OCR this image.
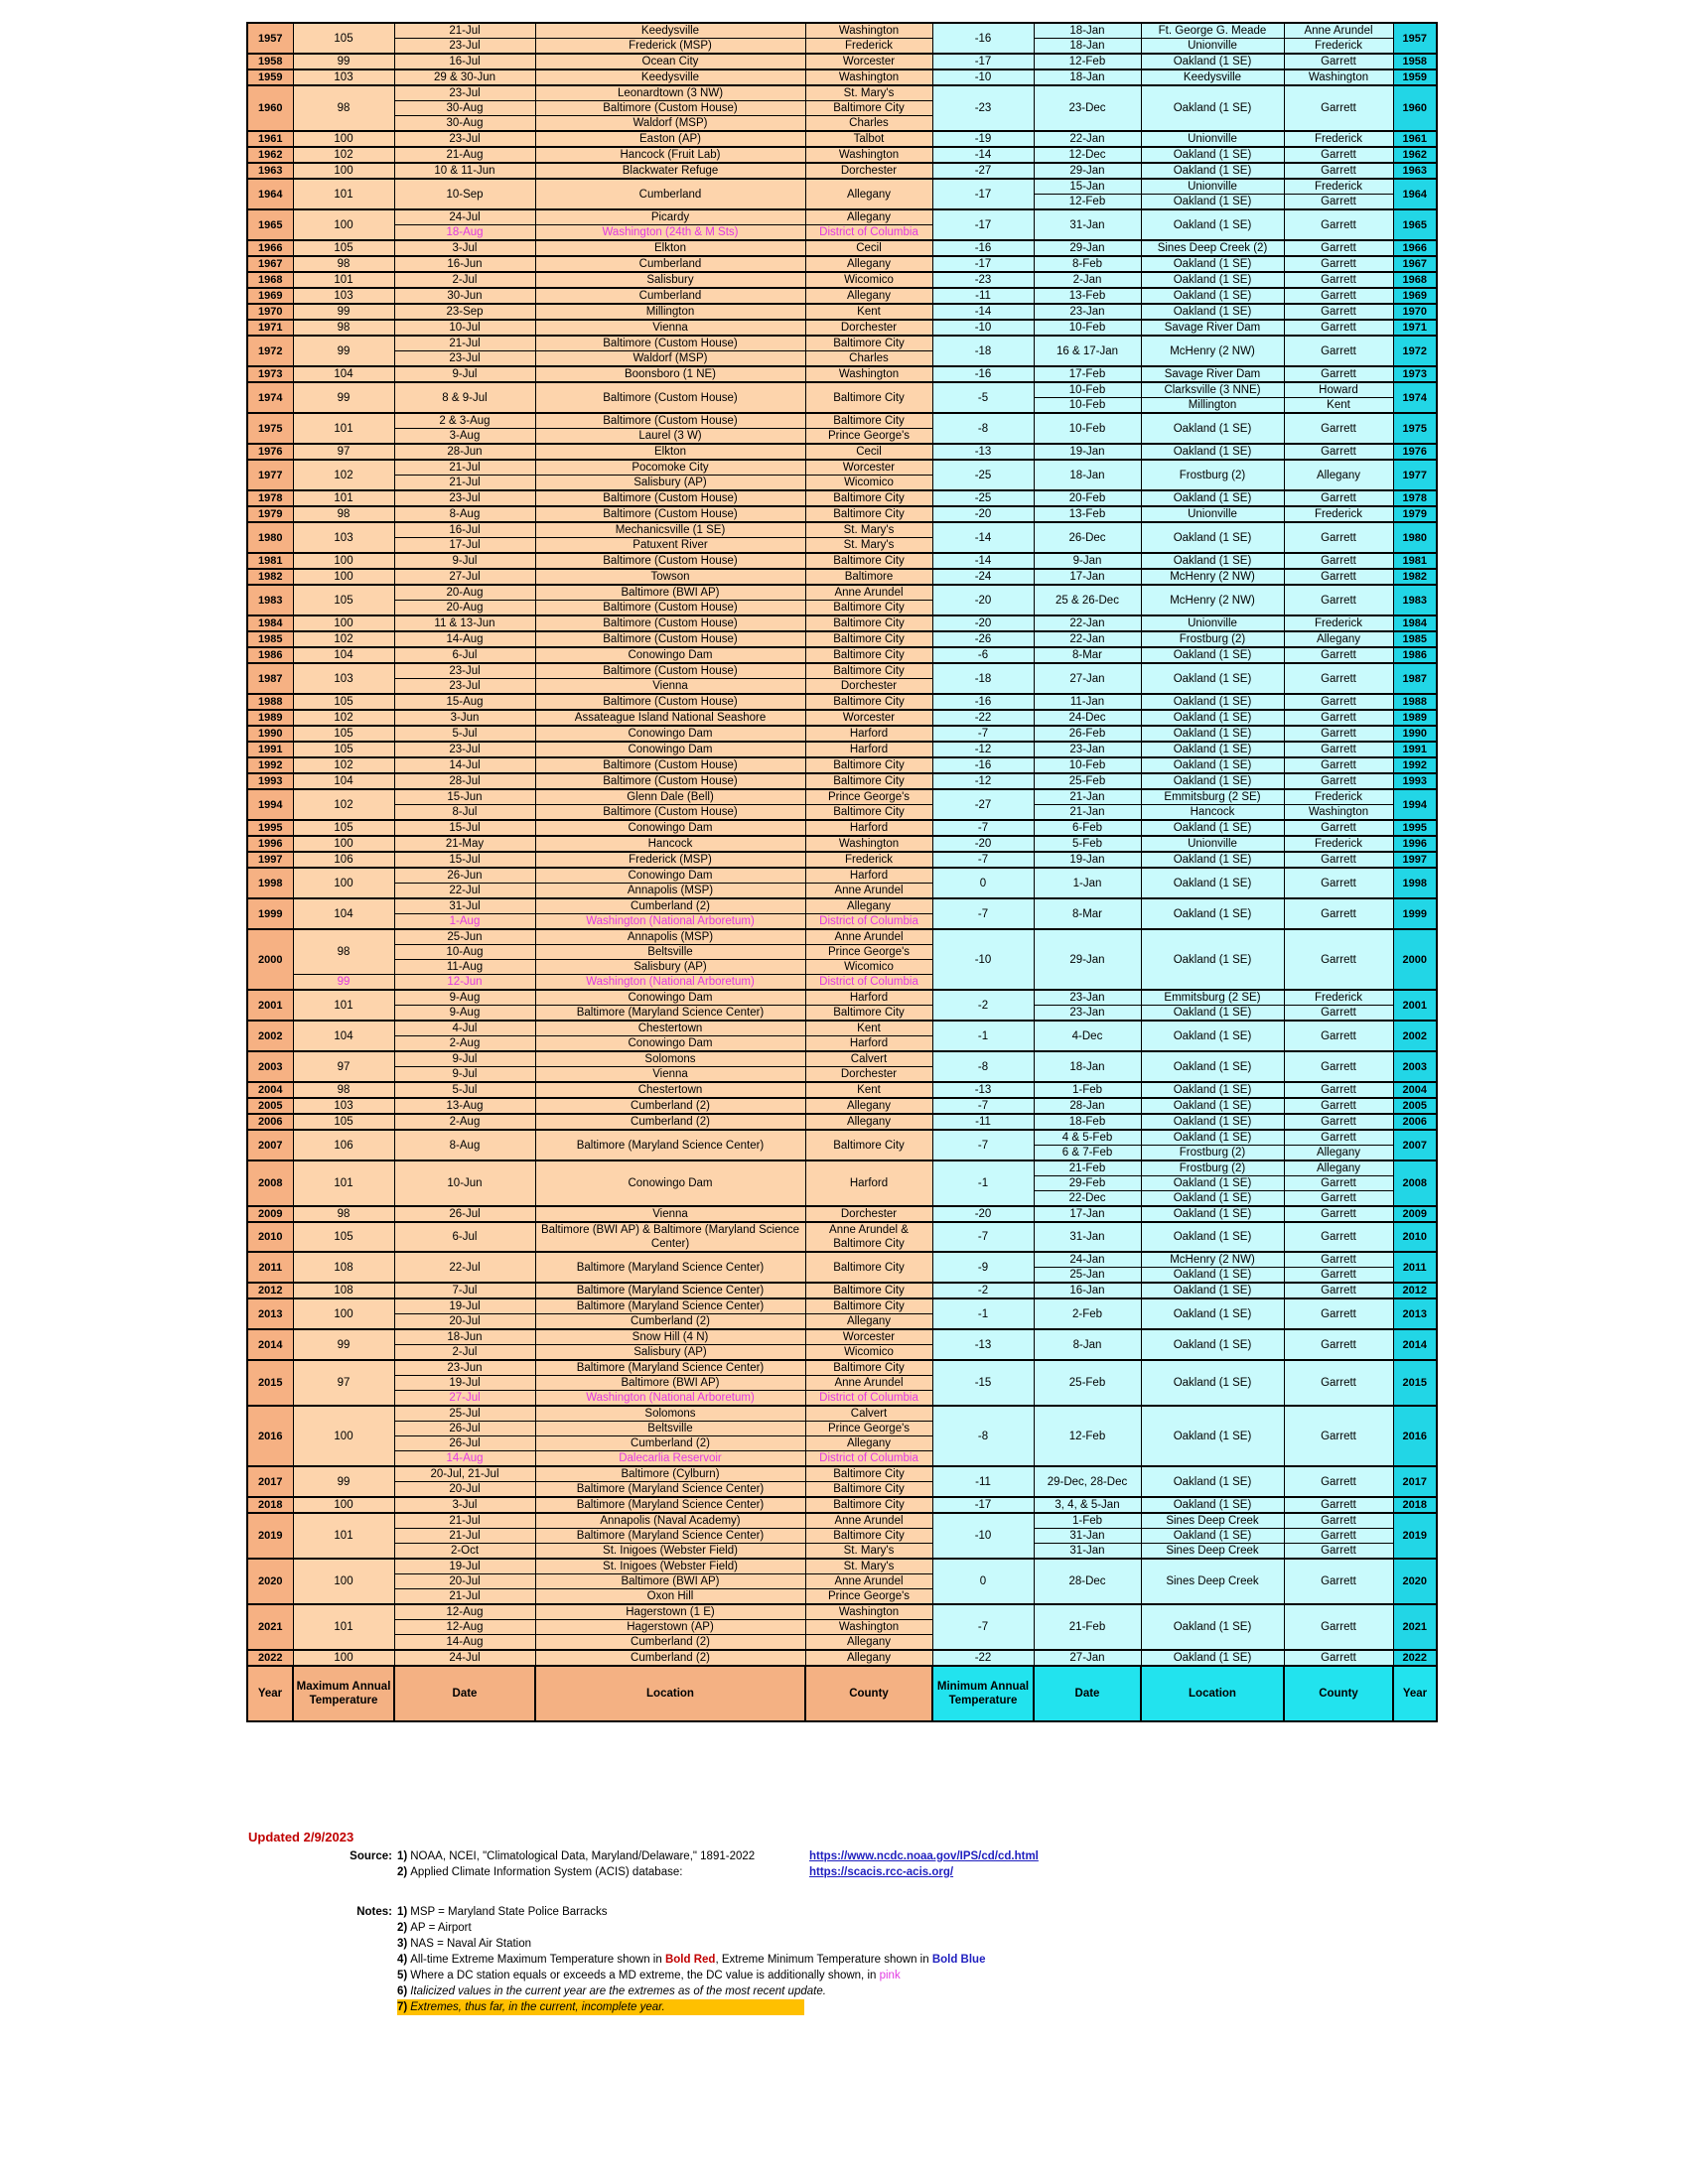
1957	105	21-Jul	Keedysville	Washington	-16	18-Jan	Ft. George G. Meade	Anne Arundel	1957
		23-Jul	Frederick (MSP)	Frederick		18-Jan	Unionville	Frederick	
1958	99	16-Jul	Ocean City	Worcester	-17	12-Feb	Oakland (1 SE)	Garrett	1958
1959	103	29 & 30-Jun	Keedysville	Washington	-10	18-Jan	Keedysville	Washington	1959
1960	98	23-Jul	Leonardtown (3 NW)	St. Mary's	-23	23-Dec	Oakland (1 SE)	Garrett	1960
		30-Aug	Baltimore (Custom House)	Baltimore City					
		30-Aug	Waldorf (MSP)	Charles					
1961	100	23-Jul	Easton (AP)	Talbot	-19	22-Jan	Unionville	Frederick	1961
1962	102	21-Aug	Hancock (Fruit Lab)	Washington	-14	12-Dec	Oakland (1 SE)	Garrett	1962
1963	100	10 & 11-Jun	Blackwater Refuge	Dorchester	-27	29-Jan	Oakland (1 SE)	Garrett	1963
1964	101	10-Sep	Cumberland	Allegany	-17	15-Jan	Unionville	Frederick	1964
						12-Feb	Oakland (1 SE)	Garrett	
1965	100	24-Jul	Picardy	Allegany	-17	31-Jan	Oakland (1 SE)	Garrett	1965
		18-Aug	Washington (24th & M Sts)	District of Columbia					
1966	105	3-Jul	Elkton	Cecil	-16	29-Jan	Sines Deep Creek (2)	Garrett	1966
1967	98	16-Jun	Cumberland	Allegany	-17	8-Feb	Oakland (1 SE)	Garrett	1967
1968	101	2-Jul	Salisbury	Wicomico	-23	2-Jan	Oakland (1 SE)	Garrett	1968
1969	103	30-Jun	Cumberland	Allegany	-11	13-Feb	Oakland (1 SE)	Garrett	1969
1970	99	23-Sep	Millington	Kent	-14	23-Jan	Oakland (1 SE)	Garrett	1970
1971	98	10-Jul	Vienna	Dorchester	-10	10-Feb	Savage River Dam	Garrett	1971
1972	99	21-Jul	Baltimore (Custom House)	Baltimore City	-18	16 & 17-Jan	McHenry (2 NW)	Garrett	1972
		23-Jul	Waldorf (MSP)	Charles					
1973	104	9-Jul	Boonsboro (1 NE)	Washington	-16	17-Feb	Savage River Dam	Garrett	1973
1974	99	8 & 9-Jul	Baltimore (Custom House)	Baltimore City	-5	10-Feb	Clarksville (3 NNE)	Howard	1974
						10-Feb	Millington	Kent	
1975	101	2 & 3-Aug	Baltimore (Custom House)	Baltimore City	-8	10-Feb	Oakland (1 SE)	Garrett	1975
		3-Aug	Laurel (3 W)	Prince George's					
1976	97	28-Jun	Elkton	Cecil	-13	19-Jan	Oakland (1 SE)	Garrett	1976
1977	102	21-Jul	Pocomoke City	Worcester	-25	18-Jan	Frostburg (2)	Allegany	1977
		21-Jul	Salisbury (AP)	Wicomico					
1978	101	23-Jul	Baltimore (Custom House)	Baltimore City	-25	20-Feb	Oakland (1 SE)	Garrett	1978
1979	98	8-Aug	Baltimore (Custom House)	Baltimore City	-20	13-Feb	Unionville	Frederick	1979
1980	103	16-Jul	Mechanicsville (1 SE)	St. Mary's	-14	26-Dec	Oakland (1 SE)	Garrett	1980
		17-Jul	Patuxent River	St. Mary's					
1981	100	9-Jul	Baltimore (Custom House)	Baltimore City	-14	9-Jan	Oakland (1 SE)	Garrett	1981
1982	100	27-Jul	Towson	Baltimore	-24	17-Jan	McHenry (2 NW)	Garrett	1982
1983	105	20-Aug	Baltimore (BWI AP)	Anne Arundel	-20	25 & 26-Dec	McHenry (2 NW)	Garrett	1983
		20-Aug	Baltimore (Custom House)	Baltimore City					
1984	100	11 & 13-Jun	Baltimore (Custom House)	Baltimore City	-20	22-Jan	Unionville	Frederick	1984
1985	102	14-Aug	Baltimore (Custom House)	Baltimore City	-26	22-Jan	Frostburg (2)	Allegany	1985
1986	104	6-Jul	Conowingo Dam	Baltimore City	-6	8-Mar	Oakland (1 SE)	Garrett	1986
1987	103	23-Jul	Baltimore (Custom House)	Baltimore City	-18	27-Jan	Oakland (1 SE)	Garrett	1987
		23-Jul	Vienna	Dorchester					
1988	105	15-Aug	Baltimore (Custom House)	Baltimore City	-16	11-Jan	Oakland (1 SE)	Garrett	1988
1989	102	3-Jun	Assateague Island National Seashore	Worcester	-22	24-Dec	Oakland (1 SE)	Garrett	1989
1990	105	5-Jul	Conowingo Dam	Harford	-7	26-Feb	Oakland (1 SE)	Garrett	1990
1991	105	23-Jul	Conowingo Dam	Harford	-12	23-Jan	Oakland (1 SE)	Garrett	1991
1992	102	14-Jul	Baltimore (Custom House)	Baltimore City	-16	10-Feb	Oakland (1 SE)	Garrett	1992
1993	104	28-Jul	Baltimore (Custom House)	Baltimore City	-12	25-Feb	Oakland (1 SE)	Garrett	1993
1994	102	15-Jun	Glenn Dale (Bell)	Prince George's	-27	21-Jan	Emmitsburg (2 SE)	Frederick	1994
		8-Jul	Baltimore (Custom House)	Baltimore City		21-Jan	Hancock	Washington	
1995	105	15-Jul	Conowingo Dam	Harford	-7	6-Feb	Oakland (1 SE)	Garrett	1995
1996	100	21-May	Hancock	Washington	-20	5-Feb	Unionville	Frederick	1996
1997	106	15-Jul	Frederick (MSP)	Frederick	-7	19-Jan	Oakland (1 SE)	Garrett	1997
1998	100	26-Jun	Conowingo Dam	Harford	0	1-Jan	Oakland (1 SE)	Garrett	1998
		22-Jul	Annapolis (MSP)	Anne Arundel					
1999	104	31-Jul	Cumberland (2)	Allegany	-7	8-Mar	Oakland (1 SE)	Garrett	1999
		1-Aug	Washington (National Arboretum)	District of Columbia					
2000	98	25-Jun	Annapolis (MSP)	Anne Arundel	-10	29-Jan	Oakland (1 SE)	Garrett	2000
		10-Aug	Beltsville	Prince George's					
		11-Aug	Salisbury (AP)	Wicomico					
	99	12-Jun	Washington (National Arboretum)	District of Columbia					
2001	101	9-Aug	Conowingo Dam	Harford	-2	23-Jan	Emmitsburg (2 SE)	Frederick	2001
		9-Aug	Baltimore (Maryland Science Center)	Baltimore City		23-Jan	Oakland (1 SE)	Garrett	
2002	104	4-Jul	Chestertown	Kent	-1	4-Dec	Oakland (1 SE)	Garrett	2002
		2-Aug	Conowingo Dam	Harford					
2003	97	9-Jul	Solomons	Calvert	-8	18-Jan	Oakland (1 SE)	Garrett	2003
		9-Jul	Vienna	Dorchester					
2004	98	5-Jul	Chestertown	Kent	-13	1-Feb	Oakland (1 SE)	Garrett	2004
2005	103	13-Aug	Cumberland (2)	Allegany	-7	28-Jan	Oakland (1 SE)	Garrett	2005
2006	105	2-Aug	Cumberland (2)	Allegany	-11	18-Feb	Oakland (1 SE)	Garrett	2006
2007	106	8-Aug	Baltimore (Maryland Science Center)	Baltimore City	-7	4 & 5-Feb	Oakland (1 SE)	Garrett	2007
						6 & 7-Feb	Frostburg (2)	Allegany	
2008	101	10-Jun	Conowingo Dam	Harford	-1	21-Feb	Frostburg (2)	Allegany	2008
						29-Feb	Oakland (1 SE)	Garrett	
						22-Dec	Oakland (1 SE)	Garrett	
2009	98	26-Jul	Vienna	Dorchester	-20	17-Jan	Oakland (1 SE)	Garrett	2009
2010	105	6-Jul	Baltimore (BWI AP) & Baltimore (Maryland Science Center)	Anne Arundel & Baltimore City	-7	31-Jan	Oakland (1 SE)	Garrett	2010
2011	108	22-Jul	Baltimore (Maryland Science Center)	Baltimore City	-9	24-Jan	McHenry (2 NW)	Garrett	2011
						25-Jan	Oakland (1 SE)	Garrett	
2012	108	7-Jul	Baltimore (Maryland Science Center)	Baltimore City	-2	16-Jan	Oakland (1 SE)	Garrett	2012
2013	100	19-Jul	Baltimore (Maryland Science Center)	Baltimore City	-1	2-Feb	Oakland (1 SE)	Garrett	2013
		20-Jul	Cumberland (2)	Allegany					
2014	99	18-Jun	Snow Hill (4 N)	Worcester	-13	8-Jan	Oakland (1 SE)	Garrett	2014
		2-Jul	Salisbury (AP)	Wicomico					
2015	97	23-Jun	Baltimore (Maryland Science Center)	Baltimore City	-15	25-Feb	Oakland (1 SE)	Garrett	2015
		19-Jul	Baltimore (BWI AP)	Anne Arundel					
		27-Jul	Washington (National Arboretum)	District of Columbia					
2016	100	25-Jul	Solomons	Calvert	-8	12-Feb	Oakland (1 SE)	Garrett	2016
		26-Jul	Beltsville	Prince George's					
		26-Jul	Cumberland (2)	Allegany					
		14-Aug	Dalecarlia Reservoir	District of Columbia					
2017	99	20-Jul, 21-Jul	Baltimore (Cylburn)	Baltimore City	-11	29-Dec, 28-Dec	Oakland (1 SE)	Garrett	2017
		20-Jul	Baltimore (Maryland Science Center)	Baltimore City					
2018	100	3-Jul	Baltimore (Maryland Science Center)	Baltimore City	-17	3, 4, & 5-Jan	Oakland (1 SE)	Garrett	2018
2019	101	21-Jul	Annapolis (Naval Academy)	Anne Arundel	-10	1-Feb	Sines Deep Creek	Garrett	2019
		21-Jul	Baltimore (Maryland Science Center)	Baltimore City		31-Jan	Oakland (1 SE)	Garrett	
		2-Oct	St. Inigoes (Webster Field)	St. Mary's		31-Jan	Sines Deep Creek	Garrett	
2020	100	19-Jul	St. Inigoes (Webster Field)	St. Mary's	0	28-Dec	Sines Deep Creek	Garrett	2020
		20-Jul	Baltimore (BWI AP)	Anne Arundel					
		21-Jul	Oxon Hill	Prince George's					
2021	101	12-Aug	Hagerstown (1 E)	Washington	-7	21-Feb	Oakland (1 SE)	Garrett	2021
		12-Aug	Hagerstown (AP)	Washington					
		14-Aug	Cumberland (2)	Allegany					
2022	100	24-Jul	Cumberland (2)	Allegany	-22	27-Jan	Oakland (1 SE)	Garrett	2022
Year	Maximum Annual Temperature	Date	Location	County	Minimum Annual Temperature	Date	Location	County	Year
Updated 2/9/2023
Source: 1) NOAA, NCEI, "Climatological Data, Maryland/Delaware," 1891-2022	https://www.ncdc.noaa.gov/IPS/cd/cd.html
2) Applied Climate Information System (ACIS) database:	https://scacis.rcc-acis.org/
Notes: 1) MSP = Maryland State Police Barracks
2) AP = Airport
3) NAS = Naval Air Station
4) All-time Extreme Maximum Temperature shown in Bold Red, Extreme Minimum Temperature shown in Bold Blue
5) Where a DC station equals or exceeds a MD extreme, the DC value is additionally shown, in pink
6) Italicized values in the current year are the extremes as of the most recent update.
7) Extremes, thus far, in the current, incomplete year.
